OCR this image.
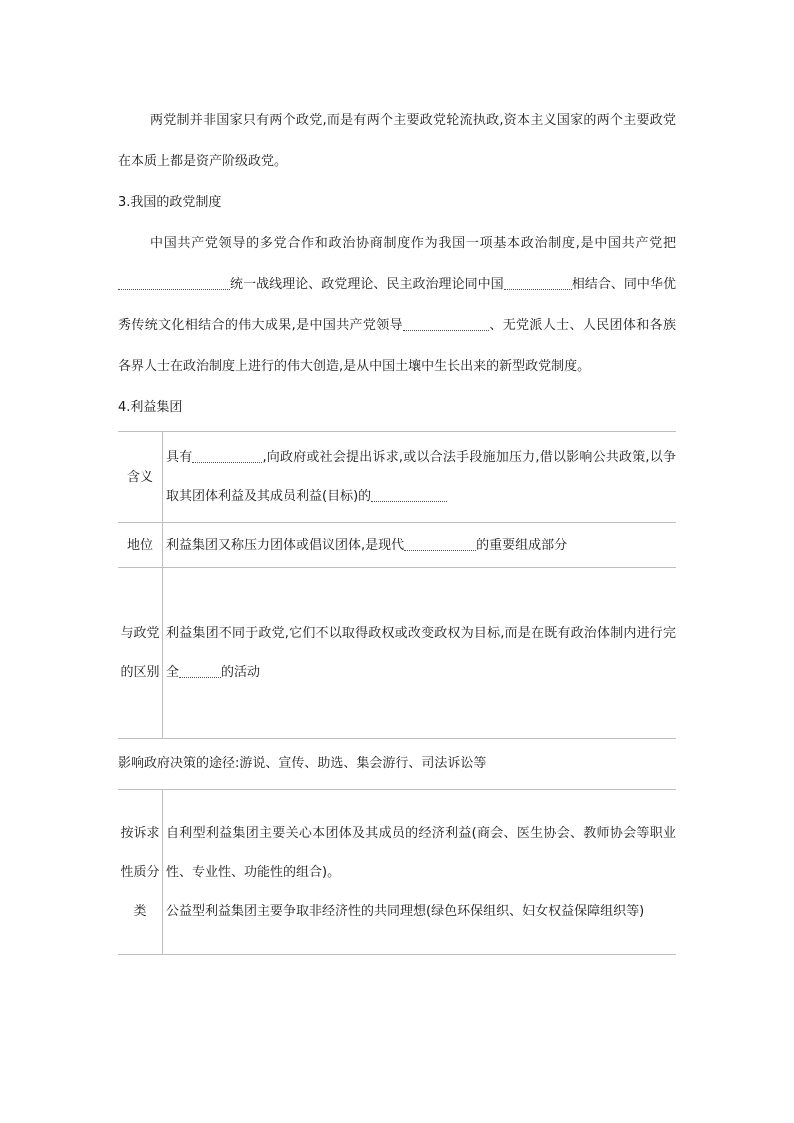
两党制并非国家只有两个政党,而是有两个主要政党轮流执政,资本主义国家的两个主要政党在本质上都是资产阶级政党。

3.我国的政党制度

中国共产党领导的多党合作和政治协商制度作为我国一项基本政治制度,是中国共产党把统一战线理论、政党理论、民主政治理论同中国	相结合、同中华优秀传统文化相结合的伟大成果,是中国共产党领导	、无党派人士、人民团体和各族各界人士在政治制度上进行的伟大创造,是从中国土壤中生长出来的新型政党制度。

4.利益集团

含义	具有 ,向政府或社会提出诉求,或以合法手段施加压力,借以影响公共政策,以争取其团体利益及其成员利益(目标)的
地位	利益集团又称压力团体或倡议团体,是现代 的重要组成部分
与政党的区别	利益集团不同于政党,它们不以取得政权或改变政权为目标,而是在既有政治体制内进行完全 的活动
影响政府决策的途径:游说、宣传、助选、集会游行、司法诉讼等	
按诉求性质分类	自利型利益集团主要关心本团体及其成员的经济利益(商会、医生协会、教师协会等职业性、专业性、功能性的组合)。
公益型利益集团主要争取非经济性的共同理想(绿色环保组织、妇女权益保障组织等)
